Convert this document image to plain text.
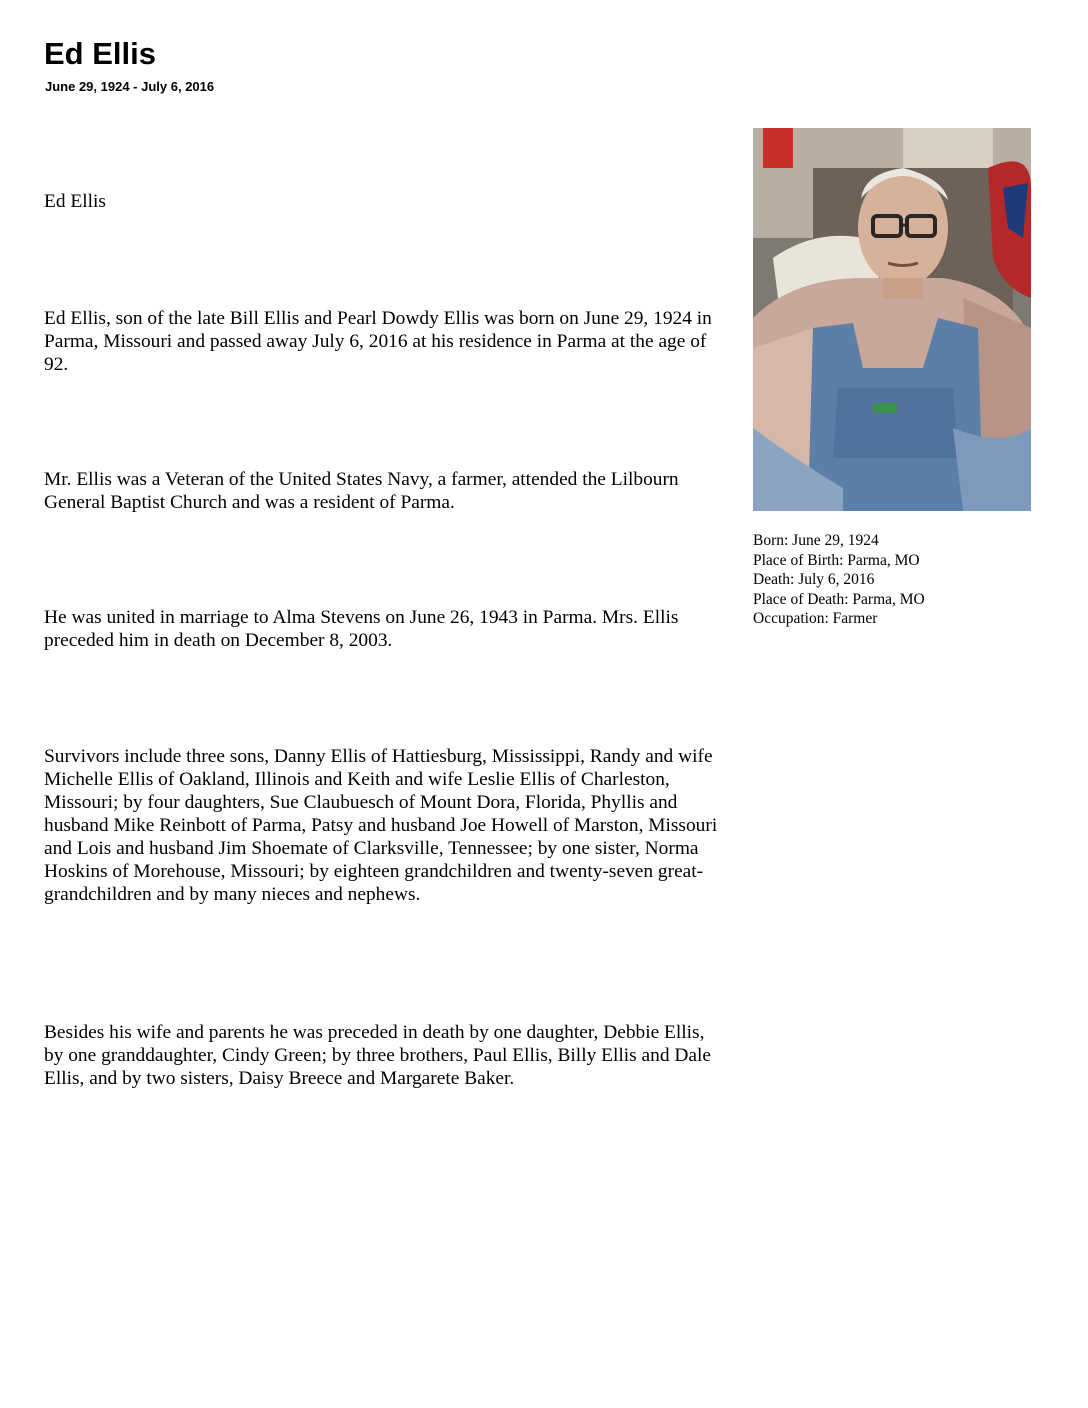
Ed Ellis
June 29, 1924 - July 6, 2016

Ed Ellis

Ed Ellis, son of the late Bill Ellis and Pearl Dowdy Ellis was born on June 29, 1924 in Parma, Missouri and passed away July 6, 2016 at his residence in Parma at the age of 92.

Mr. Ellis was a Veteran of the United States Navy, a farmer, attended the Lilbourn General Baptist Church and was a resident of Parma.

He was united in marriage to Alma Stevens on June 26, 1943 in Parma. Mrs. Ellis preceded him in death on December 8, 2003.

Survivors include three sons, Danny Ellis of Hattiesburg, Mississippi, Randy and wife Michelle Ellis of Oakland, Illinois and Keith and wife Leslie Ellis of Charleston, Missouri; by four daughters, Sue Claubuesch of Mount Dora, Florida, Phyllis and husband Mike Reinbott of Parma, Patsy and husband Joe Howell of Marston, Missouri and Lois and husband Jim Shoemate of Clarksville, Tennessee; by one sister, Norma Hoskins of Morehouse, Missouri; by eighteen grandchildren and twenty-seven great-grandchildren and by many nieces and nephews.

Besides his wife and parents he was preceded in death by one daughter, Debbie Ellis, by one granddaughter, Cindy Green; by three brothers, Paul Ellis, Billy Ellis and Dale Ellis, and by two sisters, Daisy Breece and Margarete Baker.

Born: June 29, 1924
Place of Birth: Parma, MO
Death: July 6, 2016
Place of Death: Parma, MO
Occupation: Farmer
